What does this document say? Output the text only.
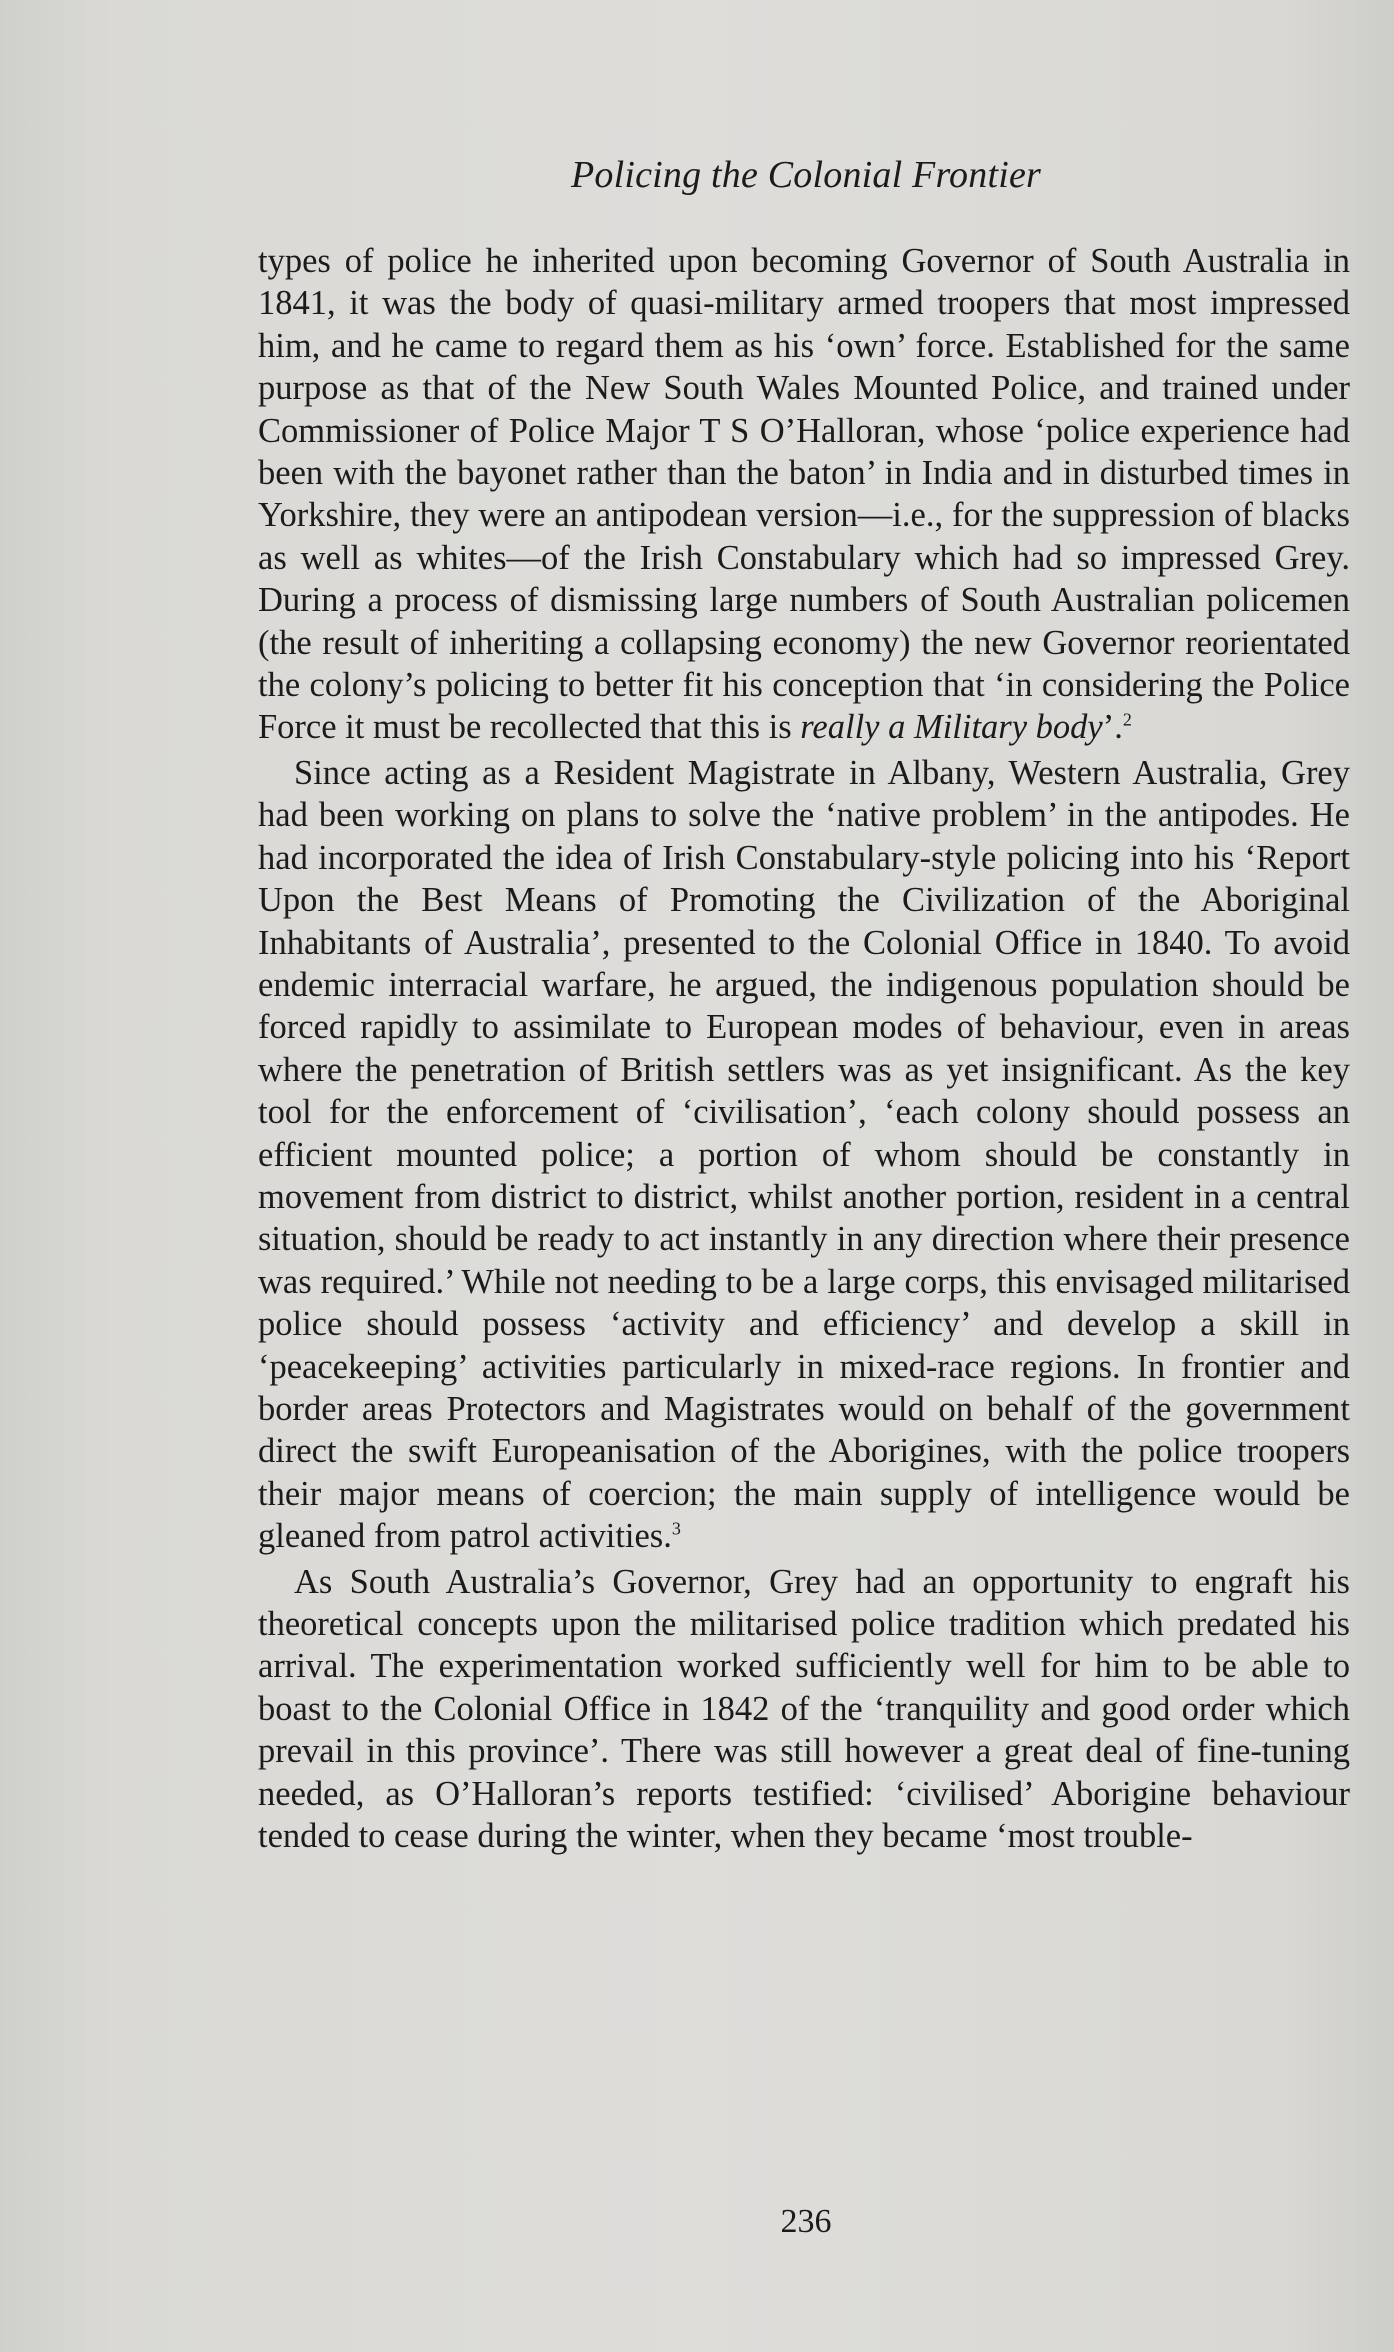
Policing the Colonial Frontier

types of police he inherited upon becoming Governor of South Australia in 1841, it was the body of quasi-military armed troopers that most impressed him, and he came to regard them as his ‘own’ force. Established for the same purpose as that of the New South Wales Mounted Police, and trained under Commissioner of Police Major T S O’Halloran, whose ‘police experience had been with the bayonet rather than the baton’ in India and in disturbed times in Yorkshire, they were an antipodean version—i.e., for the suppression of blacks as well as whites—of the Irish Constabulary which had so impressed Grey. During a process of dismissing large numbers of South Australian policemen (the result of inheriting a collapsing economy) the new Governor reorientated the colony’s policing to better fit his conception that ‘in considering the Police Force it must be recollected that this is really a Military body’.$^2$

Since acting as a Resident Magistrate in Albany, Western Australia, Grey had been working on plans to solve the ‘native problem’ in the antipodes. He had incorporated the idea of Irish Constabulary-style policing into his ‘Report Upon the Best Means of Promoting the Civilization of the Aboriginal Inhabitants of Australia’, presented to the Colonial Office in 1840. To avoid endemic interracial warfare, he argued, the indigenous population should be forced rapidly to assimilate to European modes of behaviour, even in areas where the penetration of British settlers was as yet insignificant. As the key tool for the enforcement of ‘civilisation’, ‘each colony should possess an efficient mounted police; a portion of whom should be constantly in movement from district to district, whilst another portion, resident in a central situation, should be ready to act instantly in any direction where their presence was required.’ While not needing to be a large corps, this envisaged militarised police should possess ‘activity and efficiency’ and develop a skill in ‘peacekeeping’ activities particularly in mixed-race regions. In frontier and border areas Protectors and Magistrates would on behalf of the government direct the swift Europeanisation of the Aborigines, with the police troopers their major means of coercion; the main supply of intelligence would be gleaned from patrol activities.$^3$

As South Australia’s Governor, Grey had an opportunity to engraft his theoretical concepts upon the militarised police tradition which predated his arrival. The experimentation worked sufficiently well for him to be able to boast to the Colonial Office in 1842 of the ‘tranquility and good order which prevail in this province’. There was still however a great deal of fine-tuning needed, as O’Halloran’s reports testified: ‘civilised’ Aborigine behaviour tended to cease during the winter, when they became ‘most trouble-

236
